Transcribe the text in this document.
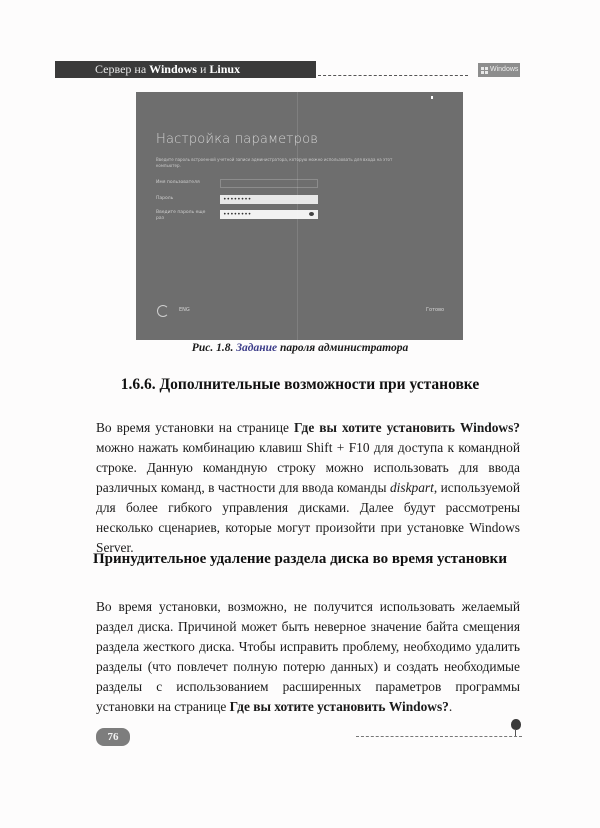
Сервер на Windows и Linux	Windows
Настройка параметров
Введите пароль встроенной учетной записи администратора, которую можно использовать для входа на этот компьютер.
Имя пользователя
Пароль	••••••••
Введите пароль еще раз
••••••••
ENG	Готово
Рис. 1.8. Задание пароля администратора
1.6.6. Дополнительные возможности при установке
Во время установки на странице Где вы хотите установить Windows? можно нажать комбинацию клавиш Shift + F10 для доступа к командной строке. Данную командную строку можно использовать для ввода различных команд, в частности для ввода команды diskpart, используемой для более гибкого управления дисками. Далее будут рассмотрены несколько сценариев, которые могут произойти при установке Windows Server.
Принудительное удаление раздела диска во время установки
Во время установки, возможно, не получится использовать желаемый раздел диска. Причиной может быть неверное значение байта смещения раздела жесткого диска. Чтобы исправить проблему, необходимо удалить разделы (что повлечет полную потерю данных) и создать необходимые разделы с использованием расширенных параметров программы установки на странице Где вы хотите установить Windows?.
76
